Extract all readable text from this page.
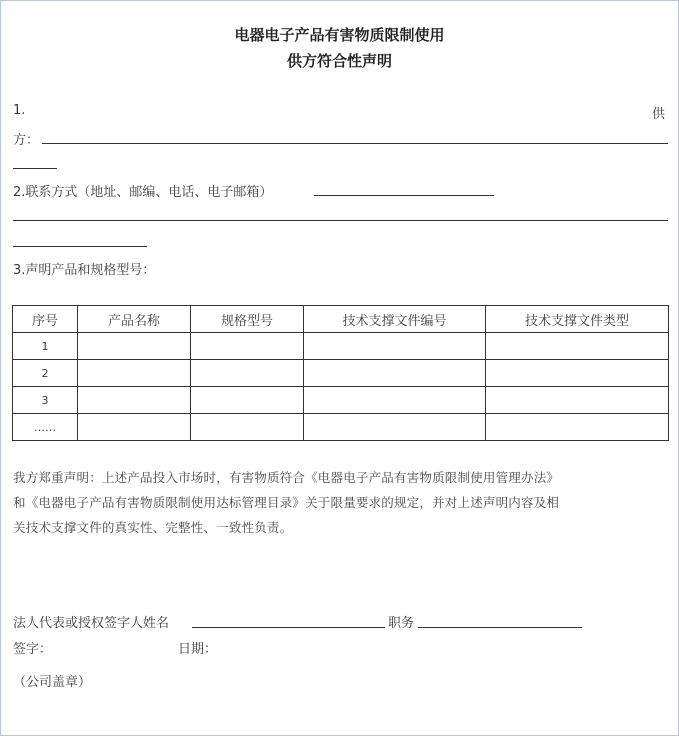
电器电子产品有害物质限制使用
供方符合性声明
1.	供
方：
2.联系方式（地址、邮编、电话、电子邮箱）
3.声明产品和规格型号：
序号	产品名称	规格型号	技术支撑文件编号	技术支撑文件类型
1				
2				
3				
……				
我方郑重声明：上述产品投入市场时，有害物质符合《电器电子产品有害物质限制使用管理办法》
和《电器电子产品有害物质限制使用达标管理目录》关于限量要求的规定，并对上述声明内容及相
关技术支撑文件的真实性、完整性、一致性负责。
法人代表或授权签字人姓名	职务
签字：	日期：
（公司盖章）
